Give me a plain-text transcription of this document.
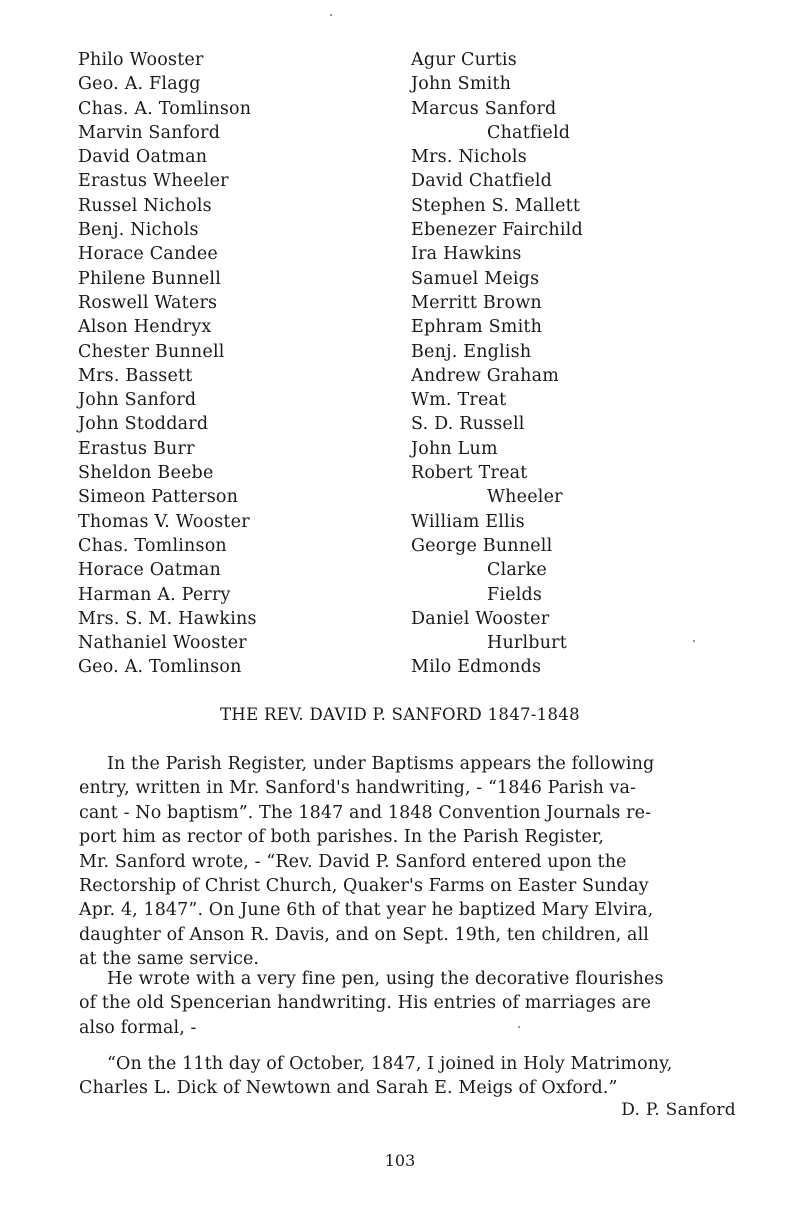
Philo Wooster
Geo. A. Flagg
Chas. A. Tomlinson
Marvin Sanford
David Oatman
Erastus Wheeler
Russel Nichols
Benj. Nichols
Horace Candee
Philene Bunnell
Roswell Waters
Alson Hendryx
Chester Bunnell
Mrs. Bassett
John Sanford
John Stoddard
Erastus Burr
Sheldon Beebe
Simeon Patterson
Thomas V. Wooster
Chas. Tomlinson
Horace Oatman
Harman A. Perry
Mrs. S. M. Hawkins
Nathaniel Wooster
Geo. A. Tomlinson
Agur Curtis
John Smith
Marcus Sanford
Chatfield
Mrs. Nichols
David Chatfield
Stephen S. Mallett
Ebenezer Fairchild
Ira Hawkins
Samuel Meigs
Merritt Brown
Ephram Smith
Benj. English
Andrew Graham
Wm. Treat
S. D. Russell
John Lum
Robert Treat
Wheeler
William Ellis
George Bunnell
Clarke
Fields
Daniel Wooster
Hurlburt
Milo Edmonds
THE REV. DAVID P. SANFORD 1847-1848
In the Parish Register, under Baptisms appears the following
entry, written in Mr. Sanford's handwriting, - “1846 Parish va-
cant - No baptism”. The 1847 and 1848 Convention Journals re-
port him as rector of both parishes. In the Parish Register,
Mr. Sanford wrote, - “Rev. David P. Sanford entered upon the
Rectorship of Christ Church, Quaker's Farms on Easter Sunday
Apr. 4, 1847”. On June 6th of that year he baptized Mary Elvira,
daughter of Anson R. Davis, and on Sept. 19th, ten children, all
at the same service.
He wrote with a very fine pen, using the decorative flourishes
of the old Spencerian handwriting. His entries of marriages are
also formal, -
“On the 11th day of October, 1847, I joined in Holy Matrimony,
Charles L. Dick of Newtown and Sarah E. Meigs of Oxford.”
D. P. Sanford
103
